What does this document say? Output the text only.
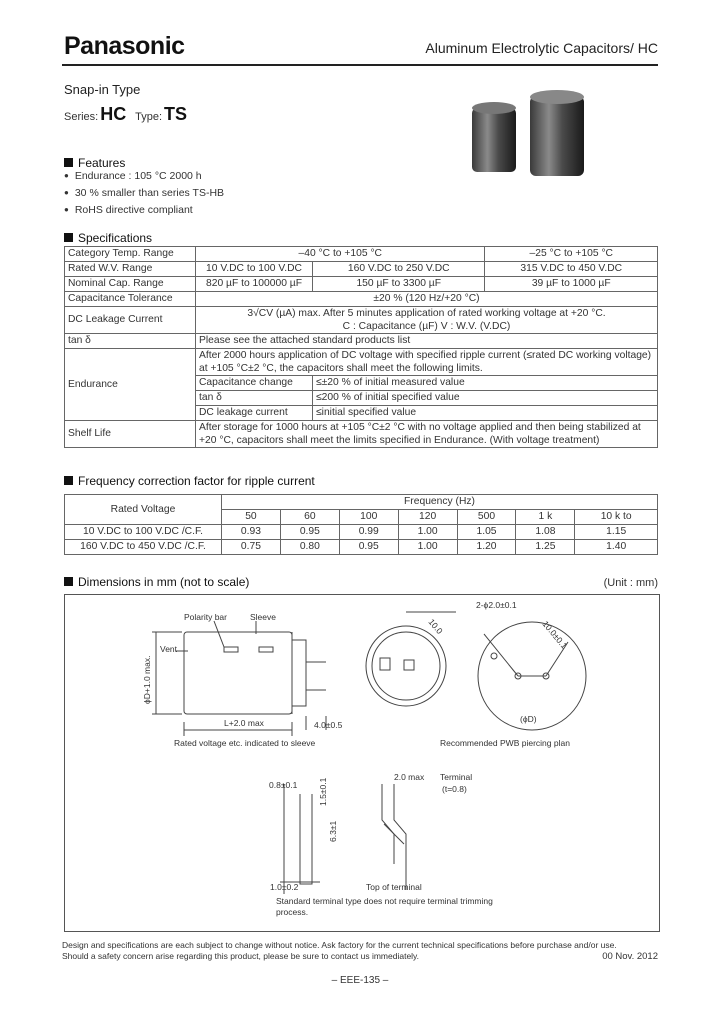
Panasonic	Aluminum Electrolytic Capacitors/ HC
Snap-in Type
Series: HC Type: TS
Features
● Endurance : 105 °C 2000 h
● 30 % smaller than series TS-HB
● RoHS directive compliant
Specifications
Category Temp. Range	–40 °C to +105 °C		–25 °C to +105 °C
Rated W.V. Range	10 V.DC to 100 V.DC	160 V.DC to 250 V.DC	315 V.DC to 450 V.DC
Nominal Cap. Range	820 µF to 100000 µF	150 µF to 3300 µF	39 µF to 1000 µF
Capacitance Tolerance	±20 % (120 Hz/+20 °C)		
DC Leakage Current	3√CV (µA) max. After 5 minutes application of rated working voltage at +20 °C.
C : Capacitance (µF) V : W.V. (V.DC)		

tan δ	Please see the attached standard products list		
Endurance	After 2000 hours application of DC voltage with specified ripple current (≤rated DC working voltage) at +105 °C±2 °C, the capacitors shall meet the following limits.		
	Capacitance change	≤±20 % of initial measured value	
	tan δ	≤200 % of initial specified value	
	DC leakage current	≤initial specified value	
Shelf Life	After storage for 1000 hours at +105 °C±2 °C with no voltage applied and then being stabilized at +20 °C, capacitors shall meet the limits specified in Endurance. (With voltage treatment)		
Frequency correction factor for ripple current
Rated Voltage	Frequency (Hz)						
	50	60	100	120	500	1 k	10 k to
10 V.DC to 100 V.DC /C.F.	0.93	0.95	0.99	1.00	1.05	1.08	1.15
160 V.DC to 450 V.DC /C.F.	0.75	0.80	0.95	1.00	1.20	1.25	1.40
Dimensions in mm (not to scale)	(Unit : mm)
Polarity bar	Sleeve
Vent
ϕD+1.0 max.
L+2.0 max	4.0±0.5
Rated voltage etc. indicated to sleeve
10.0
2-ϕ2.0±0.1
10.0±0.1
(ϕD)
Recommended PWB piercing plan
0.8±0.1 1.5±0.1
6.3±1
2.0 max Terminal
(t=0.8)
1.0±0.2	Top of terminal
Standard terminal type does not require terminal trimming process.
Design and specifications are each subject to change without notice. Ask factory for the current technical specifications before purchase and/or use.
Should a safety concern arise regarding this product, please be sure to contact us immediately.	00 Nov. 2012
– EEE-135 –
